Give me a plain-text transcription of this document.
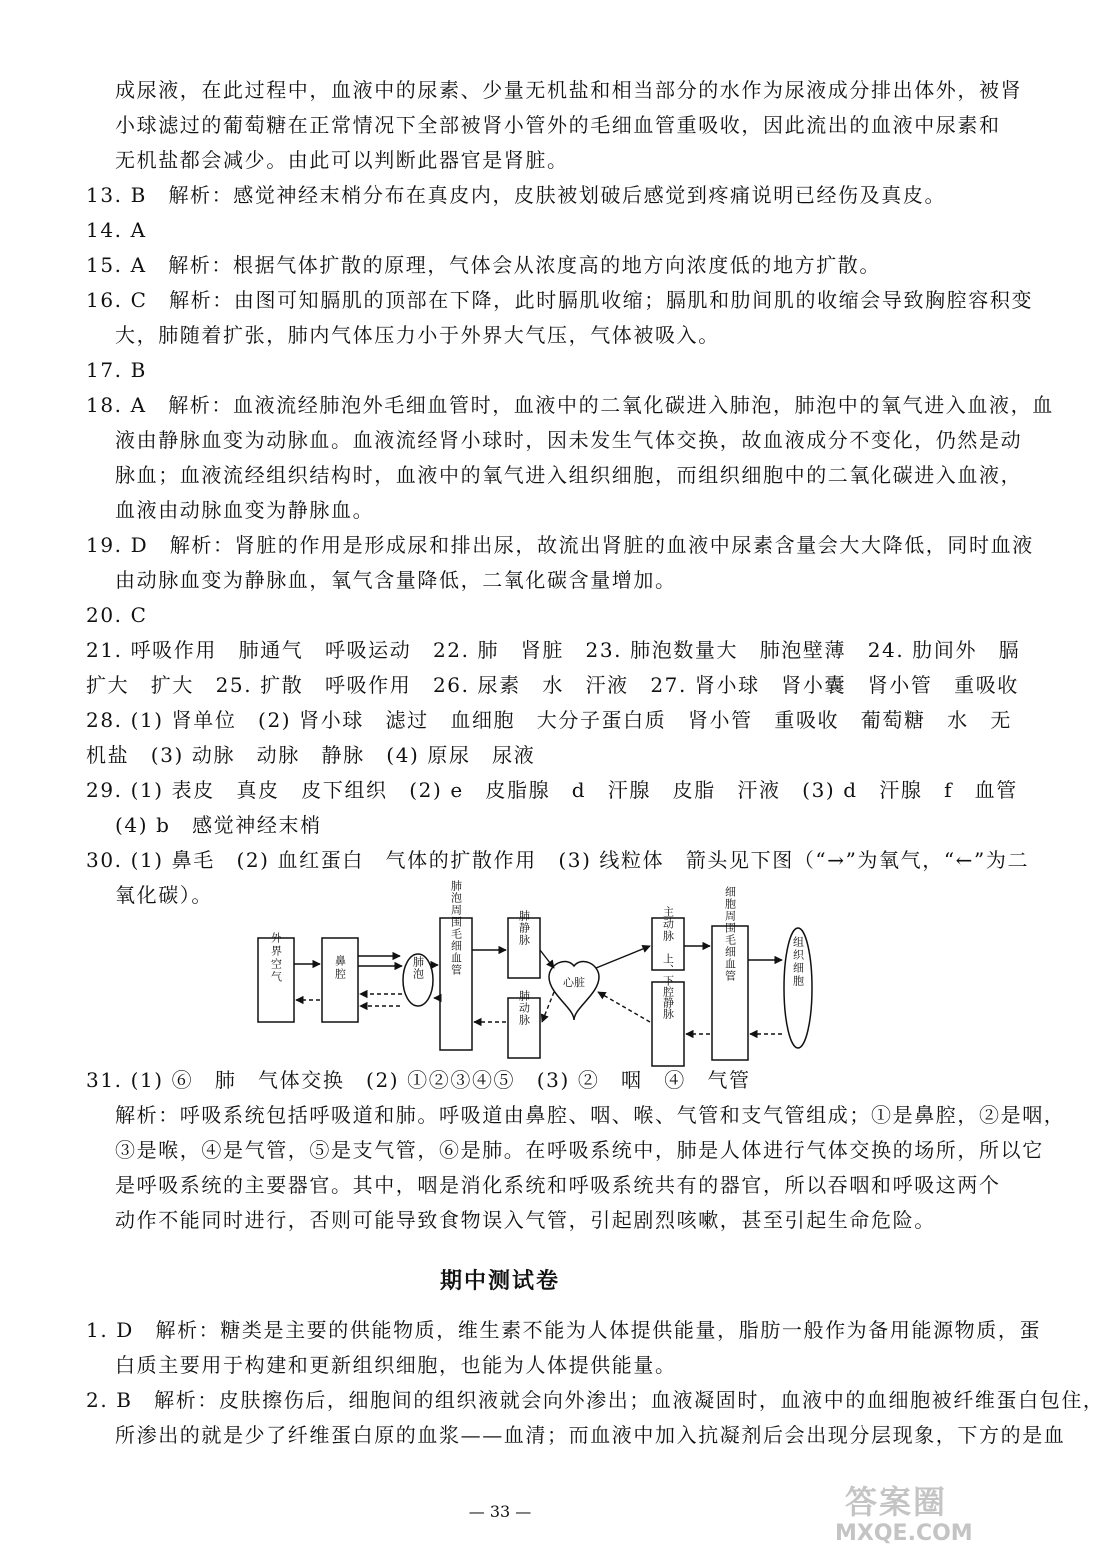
成尿液，在此过程中，血液中的尿素、少量无机盐和相当部分的水作为尿液成分排出体外，被肾
小球滤过的葡萄糖在正常情况下全部被肾小管外的毛细血管重吸收，因此流出的血液中尿素和
无机盐都会减少。由此可以判断此器官是肾脏。
13. B　解析：感觉神经末梢分布在真皮内，皮肤被划破后感觉到疼痛说明已经伤及真皮。
14. A
15. A　解析：根据气体扩散的原理，气体会从浓度高的地方向浓度低的地方扩散。
16. C　解析：由图可知膈肌的顶部在下降，此时膈肌收缩；膈肌和肋间肌的收缩会导致胸腔容积变
大，肺随着扩张，肺内气体压力小于外界大气压，气体被吸入。
17. B
18. A　解析：血液流经肺泡外毛细血管时，血液中的二氧化碳进入肺泡，肺泡中的氧气进入血液，血
液由静脉血变为动脉血。血液流经肾小球时，因未发生气体交换，故血液成分不变化，仍然是动
脉血；血液流经组织结构时，血液中的氧气进入组织细胞，而组织细胞中的二氧化碳进入血液，
血液由动脉血变为静脉血。
19. D　解析：肾脏的作用是形成尿和排出尿，故流出肾脏的血液中尿素含量会大大降低，同时血液
由动脉血变为静脉血，氧气含量降低，二氧化碳含量增加。
20. C
21. 呼吸作用　肺通气　呼吸运动　22. 肺　肾脏　23. 肺泡数量大　肺泡壁薄　24. 肋间外　膈
扩大　扩大　25. 扩散　呼吸作用　26. 尿素　水　汗液　27. 肾小球　肾小囊　肾小管　重吸收
28. (1) 肾单位　(2) 肾小球　滤过　血细胞　大分子蛋白质　肾小管　重吸收　葡萄糖　水　无
机盐　(3) 动脉　动脉　静脉　(4) 原尿　尿液
29. (1) 表皮　真皮　皮下组织　(2) e　皮脂腺　d　汗腺　皮脂　汗液　(3) d　汗腺　f　血管
(4) b　感觉神经末梢
30. (1) 鼻毛　(2) 血红蛋白　气体的扩散作用　(3) 线粒体　箭头见下图（“→”为氧气，“←”为二
氧化碳）。
外界空气	鼻腔	肺泡 肺泡周围毛细血管	肺静脉
肺动脉
心脏
主动脉
上、下腔静脉
细胞周围毛细血管	组织细胞
31. (1) ⑥　肺　气体交换　(2) ①②③④⑤　(3) ②　咽　④　气管
解析：呼吸系统包括呼吸道和肺。呼吸道由鼻腔、咽、喉、气管和支气管组成；①是鼻腔，②是咽，
③是喉，④是气管，⑤是支气管，⑥是肺。在呼吸系统中，肺是人体进行气体交换的场所，所以它
是呼吸系统的主要器官。其中，咽是消化系统和呼吸系统共有的器官，所以吞咽和呼吸这两个
动作不能同时进行，否则可能导致食物误入气管，引起剧烈咳嗽，甚至引起生命危险。
期中测试卷
1. D　解析：糖类是主要的供能物质，维生素不能为人体提供能量，脂肪一般作为备用能源物质，蛋
白质主要用于构建和更新组织细胞，也能为人体提供能量。
2. B　解析：皮肤擦伤后，细胞间的组织液就会向外渗出；血液凝固时，血液中的血细胞被纤维蛋白包住，
所渗出的就是少了纤维蛋白原的血浆——血清；而血液中加入抗凝剂后会出现分层现象，下方的是血
— 33 —	答案圈
MXQE.COM
